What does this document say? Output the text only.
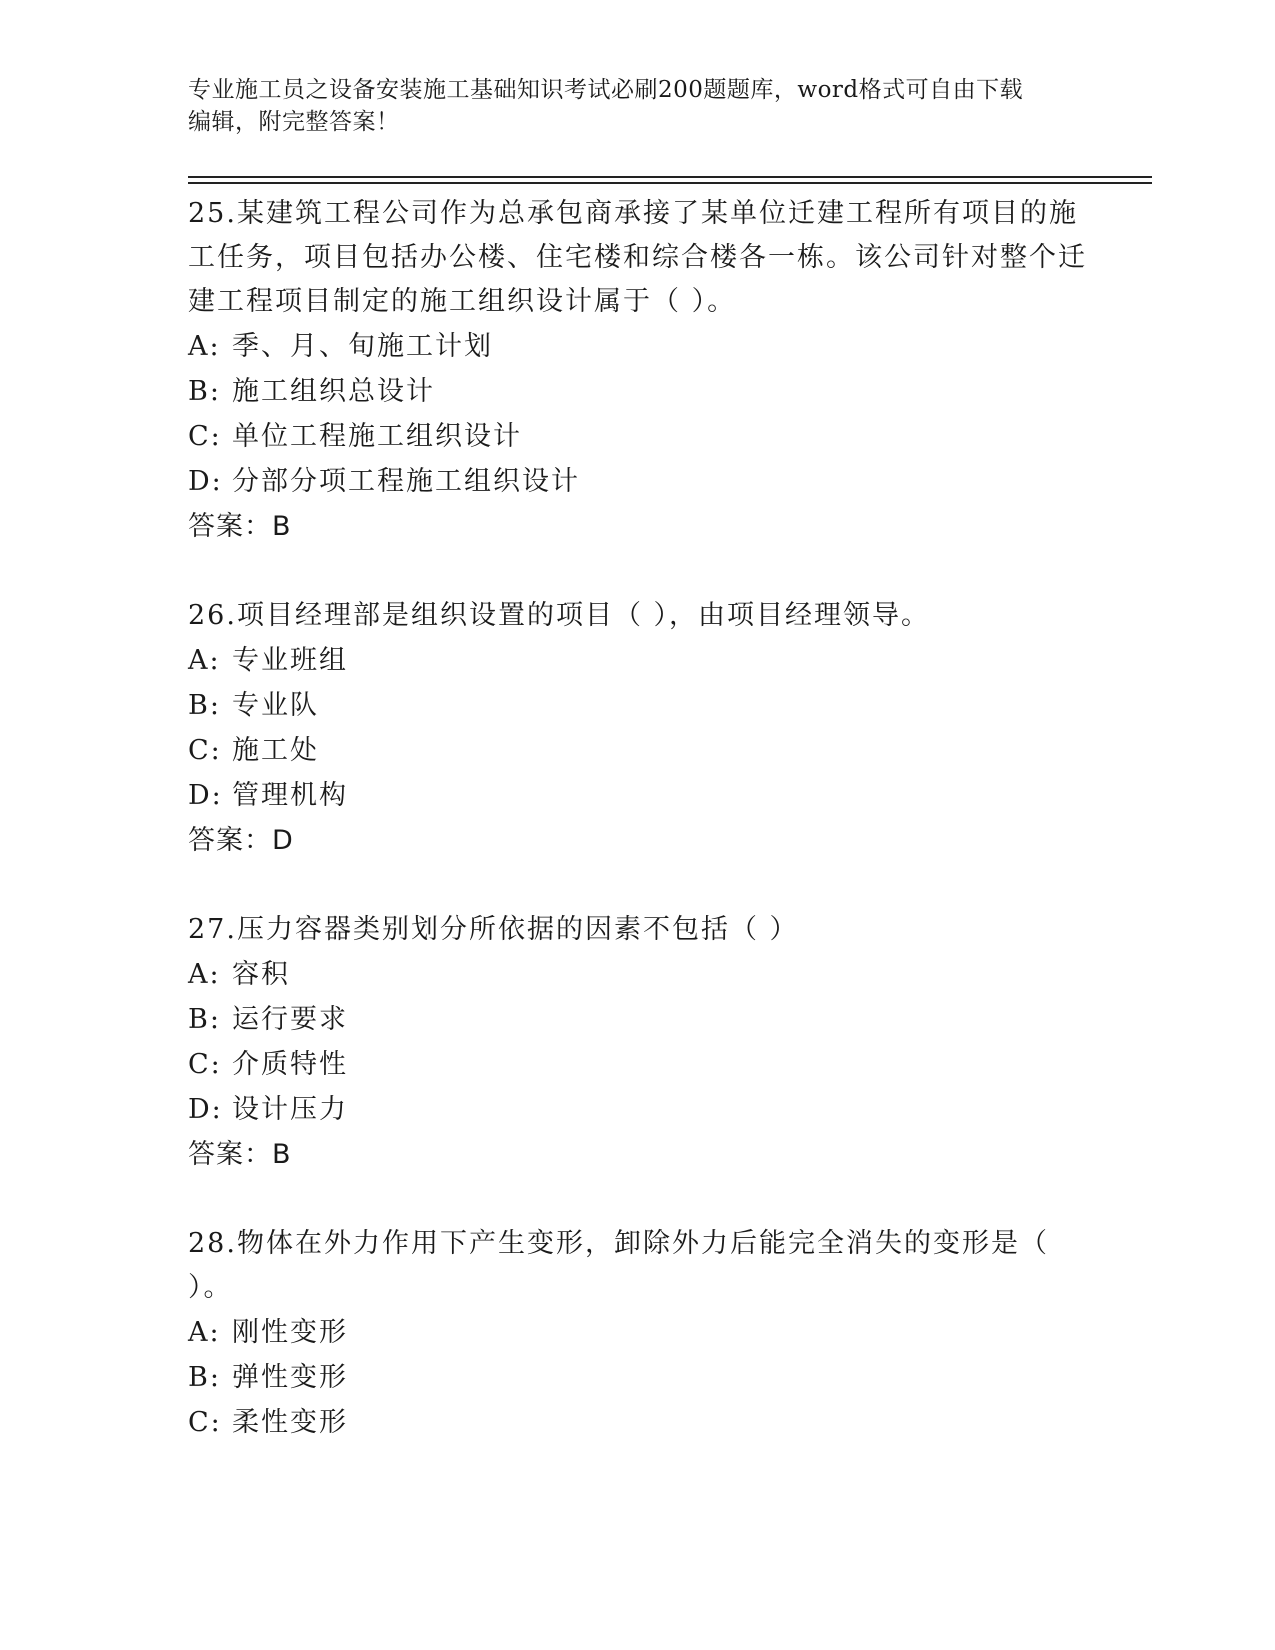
专业施工员之设备安装施工基础知识考试必刷200题题库，word格式可自由下载
编辑，附完整答案！

25.某建筑工程公司作为总承包商承接了某单位迁建工程所有项目的施工任务，项目包括办公楼、住宅楼和综合楼各一栋。该公司针对整个迁建工程项目制定的施工组织设计属于（ ）。

A: 季、月、旬施工计划

B: 施工组织总设计

C: 单位工程施工组织设计

D: 分部分项工程施工组织设计

答案：B

26.项目经理部是组织设置的项目（ ），由项目经理领导。

A: 专业班组

B: 专业队

C: 施工处

D: 管理机构

答案：D

27.压力容器类别划分所依据的因素不包括（ ）

A: 容积

B: 运行要求

C: 介质特性

D: 设计压力

答案：B

28.物体在外力作用下产生变形，卸除外力后能完全消失的变形是（ ）。

A: 刚性变形

B: 弹性变形

C: 柔性变形
